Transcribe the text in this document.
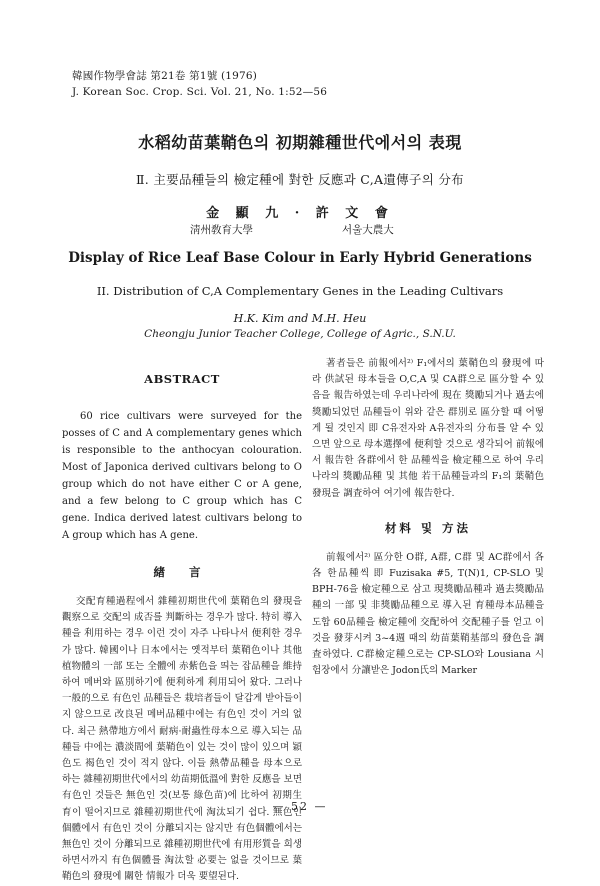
韓國作物學會誌 第21卷 第1號 (1976)
J. Korean Soc. Crop. Sci. Vol. 21, No. 1:52—56
水稻幼苗葉鞘色의 初期雜種世代에서의 表現
Ⅱ. 主要品種들의 檢定種에 對한 反應과 C,A遺傳子의 分布
金 顯 九 · 許 文 會
淸州敎育大學	서울大農大
Display of Rice Leaf Base Colour in Early Hybrid Generations
II. Distribution of C,A Complementary Genes in the Leading Cultivars
H.K. Kim and M.H. Heu
Cheongju Junior Teacher College, College of Agric., S.N.U.
ABSTRACT

60 rice cultivars were surveyed for the posses of C and A complementary genes which is responsible to the anthocyan colouration. Most of Japonica derived cultivars belong to O group which do not have either C or A gene, and a few belong to C group which has C gene. Indica derived latest cultivars belong to A group which has A gene.

緖 言

交配育種過程에서 雜種初期世代에 葉鞘色의 發現을 觀察으로 交配의 成否를 判斷하는 경우가 많다. 特히 導入種을 利用하는 경우 이런 것이 자주 나타나서 便利한 경우가 많다. 韓國이나 日本에서는 옛적부터 葉鞘色이나 其他 植物體의 一部 또는 全體에 赤紫色을 띄는 잡品種을 維持하여 메버와 區別하기에 便利하게 利用되어 왔다. 그러나 一般的으로 有色인 品種들은 栽培者들이 달갑게 받아들이지 않으므로 改良된 메버品種中에는 有色인 것이 거의 없다. 최근 熱帶地方에서 耐病·耐蟲性母本으로 導入되는 品種들 中에는 濃淡間에 葉鞘色이 있는 것이 많이 있으며 穎色도 褐色인 것이 적지 않다. 이들 熱帶品種을 母本으로 하는 雜種初期世代에서의 幼苗期低溫에 對한 反應을 보면 有色인 것들은 無色인 것(보통 綠色苗)에 比하여 初期生育이 떨어지므로 雜種初期世代에 淘汰되기 쉽다. 無色인 個體에서 有色인 것이 分離되지는 않지만 有色個體에서는 無色인 것이 分離되므로 雜種初期世代에 有用形質을 희생하면서까지 有色個體를 淘汰할 必要는 없을 것이므로 葉鞘色의 發現에 關한 情報가 더욱 要望된다.

著者들은 前報에서²⁾ F₁에서의 葉鞘色의 發現에 따라 供試된 母本들을 O,C,A 및 CA群으로 區分할 수 있음을 報告하였는데 우리나라에 現在 獎勵되거나 過去에 獎勵되었던 品種들이 위와 같은 群別로 區分할 때 어떻게 될 것인지 即 C유전자와 A유전자의 分布를 알 수 있으면 앞으로 母本選擇에 便利할 것으로 생각되어 前報에서 報告한 各群에서 한 品種씩을 檢定種으로 하여 우리나라의 獎勵品種 및 其他 若干品種들과의 F₁의 葉鞘色發現을 調査하여 여기에 報告한다.

材料 및 方法

前報에서²⁾ 區分한 O群, A群, C群 및 AC群에서 各各 한品種씩 即 Fuzisaka #5, T(N)1, CP-SLO 및 BPH-76을 檢定種으로 삼고 現獎勵品種과 過去獎勵品種의 一部 및 非獎勵品種으로 導入된 育種母本品種을 도합 60品種을 檢定種에 交配하여 交配種子를 얻고 이것을 發芽시켜 3~4週 때의 幼苗葉鞘基部의 發色을 調査하였다. C群檢定種으로는 CP-SLO와 Lousiana 시험장에서 分讓받은 Jodon氏의 Marker

— 52 —
